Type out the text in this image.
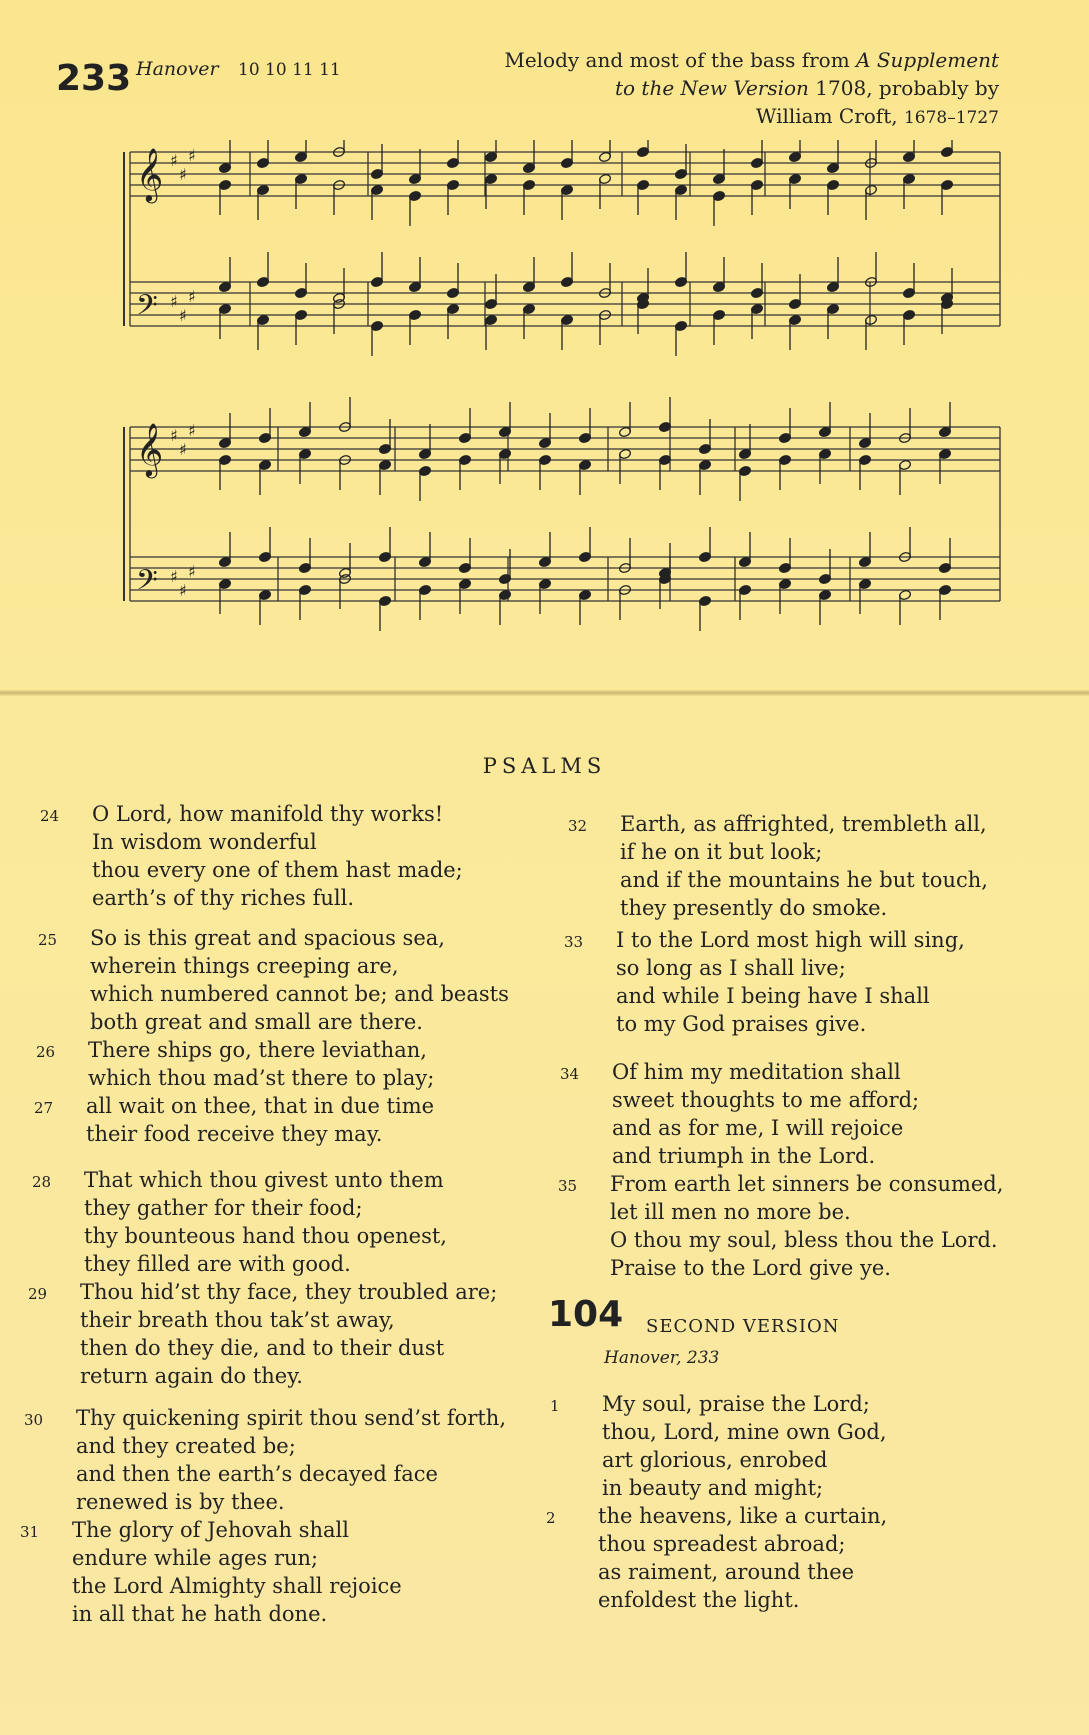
233 Hanover 10 10 11 11	Melody and most of the bass from A Supplement
to the New Version 1708, probably by
William Croft, 1678–1727
𝄞 ♯
♯
♯
𝄢 ♯
♯
♯
𝄞 ♯
♯
♯
𝄢 ♯
♯
♯
PSALMS
24 O Lord, how manifold thy works!
In wisdom wonderful
thou every one of them hast made;
earth’s of thy riches full.
25 So is this great and spacious sea,
wherein things creeping are,
which numbered cannot be; and beasts
both great and small are there.
26 There ships go, there leviathan,
which thou mad’st there to play;
27 all wait on thee, that in due time
their food receive they may.
28 That which thou givest unto them
they gather for their food;
thy bounteous hand thou openest,
they filled are with good.
29 Thou hid’st thy face, they troubled are;
their breath thou tak’st away,
then do they die, and to their dust
return again do they.
30 Thy quickening spirit thou send’st forth,
and they created be;
and then the earth’s decayed face
renewed is by thee.
31 The glory of Jehovah shall
endure while ages run;
the Lord Almighty shall rejoice
in all that he hath done.
32 Earth, as affrighted, trembleth all,
if he on it but look;
and if the mountains he but touch,
they presently do smoke.
33 I to the Lord most high will sing,
so long as I shall live;
and while I being have I shall
to my God praises give.
34 Of him my meditation shall
sweet thoughts to me afford;
and as for me, I will rejoice
and triumph in the Lord.
35 From earth let sinners be consumed,
let ill men no more be.
O thou my soul, bless thou the Lord.
Praise to the Lord give ye.
104 SECOND VERSION
Hanover, 233
1 My soul, praise the Lord;
thou, Lord, mine own God,
art glorious, enrobed
in beauty and might;
2 the heavens, like a curtain,
thou spreadest abroad;
as raiment, around thee
enfoldest the light.
